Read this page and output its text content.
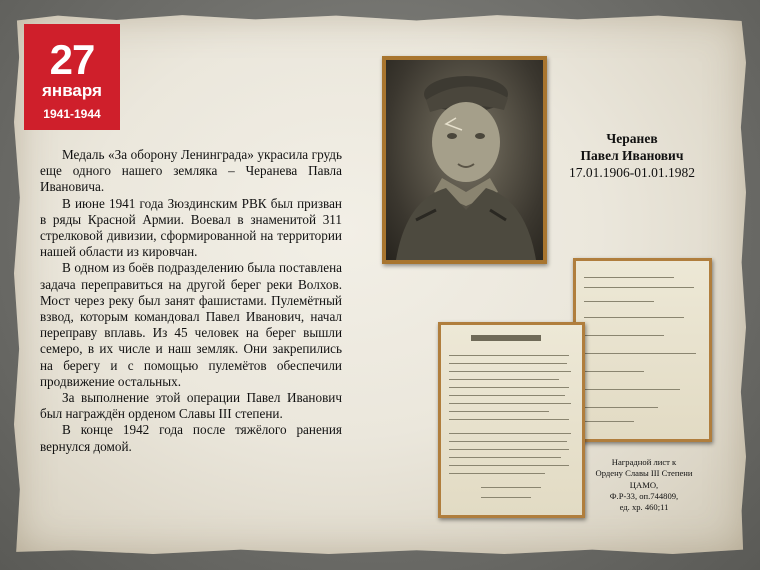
27
января
1941-1944

Медаль «За оборону Ленинграда» украсила грудь еще одного нашего земляка – Черанева Павла Ивановича.

В июне 1941 года Зюздинским РВК был призван в ряды Красной Армии. Воевал в знаменитой 311 стрелковой дивизии, сформированной на территории нашей области из кировчан.

В одном из боёв подразделению была поставлена задача переправиться на другой берег реки Волхов. Мост через реку был занят фашистами. Пулемётный взвод, которым командовал Павел Иванович, начал переправу вплавь. Из 45 человек на берег вышли семеро, в их числе и наш земляк. Они закрепились на берегу и с помощью пулемётов обеспечили продвижение остальных.

За выполнение этой операции Павел Иванович был награждён орденом Славы III степени.

В конце 1942 года после тяжёлого ранения вернулся домой.

Черанев
Павел Иванович
17.01.1906-01.01.1982
Наградной лист к
Ордену Славы III Степени
ЦАМО,
Ф.Р-33, оп.744809,
ед. хр. 460;11
